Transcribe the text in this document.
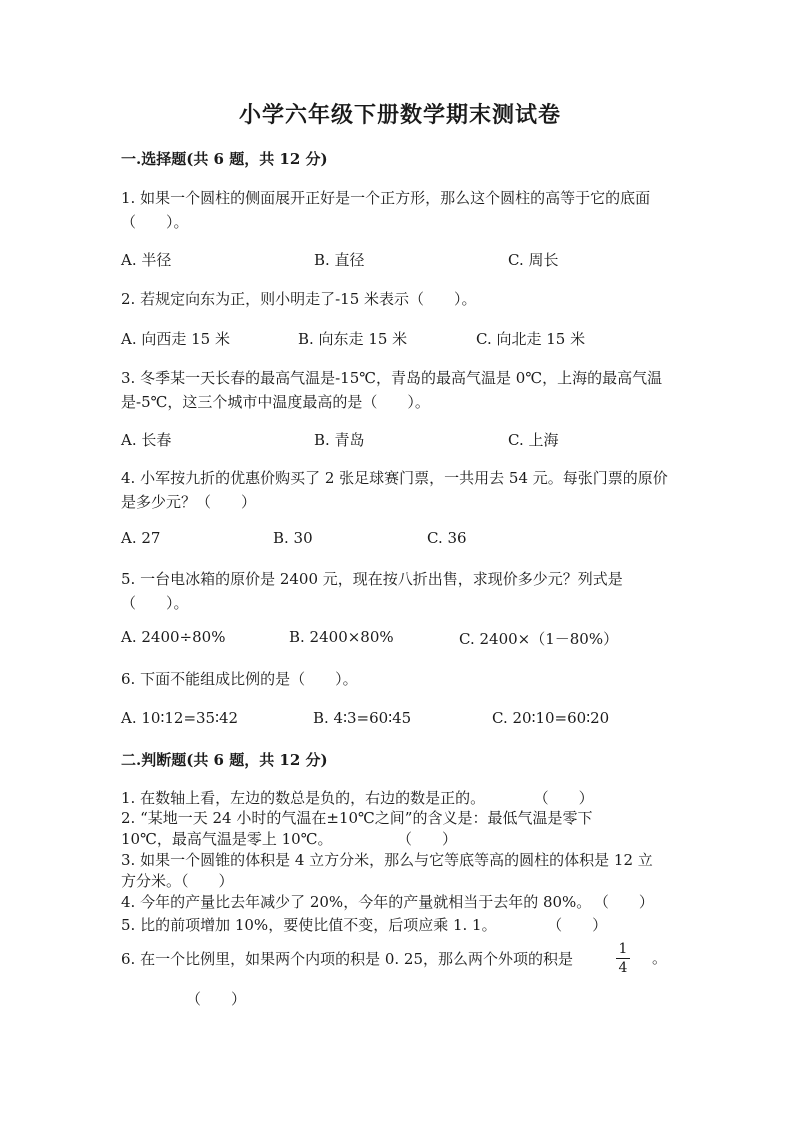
小学六年级下册数学期末测试卷
一.选择题(共 6 题，共 12 分)
1. 如果一个圆柱的侧面展开正好是一个正方形，那么这个圆柱的高等于它的底面（　　）。
A. 半径	B. 直径	C. 周长
2. 若规定向东为正，则小明走了-15 米表示（　　）。
A. 向西走 15 米	B. 向东走 15 米	C. 向北走 15 米
3. 冬季某一天长春的最高气温是-15℃，青岛的最高气温是 0℃，上海的最高气温是-5℃，这三个城市中温度最高的是（　　）。
A. 长春	B. 青岛	C. 上海
4. 小军按九折的优惠价购买了 2 张足球赛门票，一共用去 54 元。每张门票的原价是多少元？（　　）
A. 27	B. 30	C. 36
5. 一台电冰箱的原价是 2400 元，现在按八折出售，求现价多少元？列式是（　　）。
A. 2400÷80%	B. 2400×80%	C. 2400×（1－80%）
6. 下面不能组成比例的是（　　）。
A. 10∶12=35∶42	B. 4∶3=60∶45	C. 20∶10=60∶20
二.判断题(共 6 题，共 12 分)
1. 在数轴上看，左边的数总是负的，右边的数是正的。	（　　）
2. “某地一天 24 小时的气温在±10℃之间”的含义是：最低气温是零下 10℃，最高气温是零上 10℃。	（　　）
3. 如果一个圆锥的体积是 4 立方分米，那么与它等底等高的圆柱的体积是 12 立方分米。（　　）
4. 今年的产量比去年减少了 20%，今年的产量就相当于去年的 80%。 （　　）
5. 比的前项增加 10%，要使比值不变，后项应乘 1. 1。	（　　）
6. 在一个比例里，如果两个内项的积是 0. 25，那么两个外项的积是
1
4
。
（　　）
